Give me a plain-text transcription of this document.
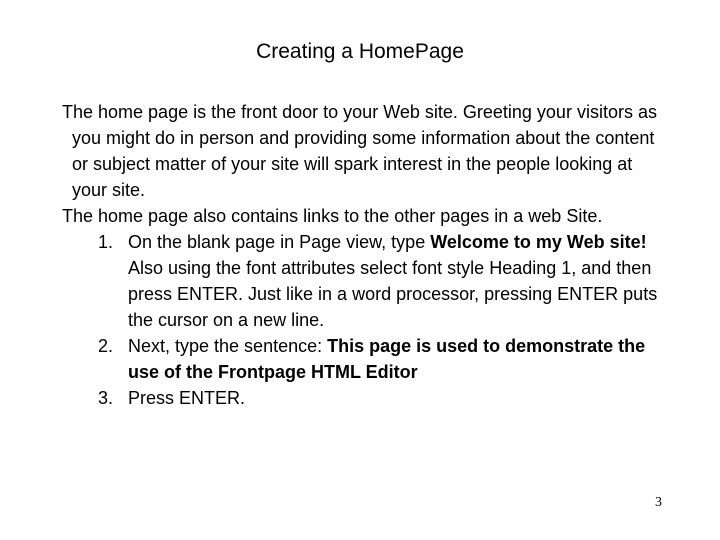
Creating a HomePage

The home page is the front door to your Web site. Greeting your visitors as you might do in person and providing some information about the content or subject matter of your site will spark interest in the people looking at your site.

The home page also contains links to the other pages in a web Site.

1. On the blank page in Page view, type Welcome to my Web site! Also using the font attributes select font style Heading 1, and then press ENTER. Just like in a word processor, pressing ENTER puts the cursor on a new line.
2. Next, type the sentence: This page is used to demonstrate the use of the Frontpage HTML Editor
3. Press ENTER.
3
